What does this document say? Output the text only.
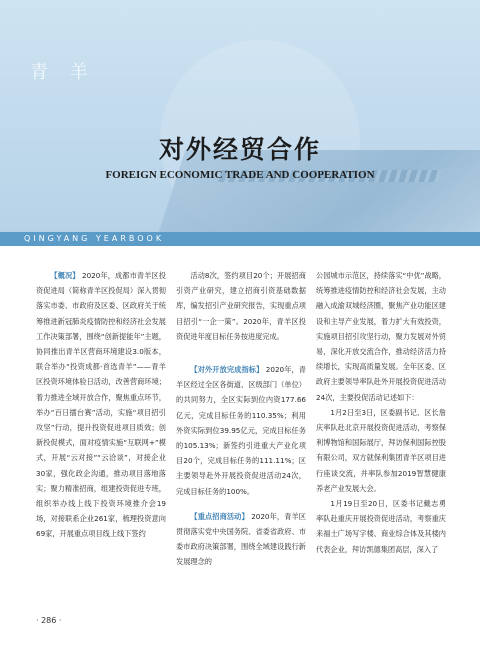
青 羊
对外经贸合作
FOREIGN ECONOMIC TRADE AND COOPERATION
QINGYANG YEARBOOK

【概况】 2020年，成都市青羊区投资促进局（简称青羊区投促局）深入贯彻落实市委、市政府及区委、区政府关于统筹推进新冠肺炎疫情防控和经济社会发展工作决策部署，围绕“创新提能年”主题，协同推出青羊区营商环境建设3.0版本，联合举办“投资成都·首选青羊”——青羊区投资环境体验日活动，改善营商环境；着力推进全域开放合作，聚焦重点环节，举办“百日擂台赛”活动，实施“项目招引攻坚”行动，提升投资促进项目质效；创新投促模式，面对疫情实施“互联网+”模式，开展“云对接”“云洽谈”，对接企业30家，强化政企沟通，推动项目落地落实；聚力精准招商，组建投资促进专班，组织举办线上线下投资环境推介会19场，对接联系企业261家，梳理投资意向69家，开展重点项目线上线下签约

活动8次，签约项目20个；开展招商引资产业研究，建立招商引资基础数据库，编发招引产业研究报告，实现重点项目招引“一企一策”。2020年，青羊区投资促进年度目标任务按进度完成。

【对外开放完成指标】 2020年，青羊区经过全区各街道、区级部门（单位）的共同努力，全区实际到位内资177.66亿元，完成目标任务的110.35%；利用外资实际到位39.95亿元，完成目标任务的105.13%；新签约引进重大产业化项目20个，完成目标任务的111.11%；区主要领导赴外开展投资促进活动24次，完成目标任务的100%。

【重点招商活动】 2020年，青羊区贯彻落实党中央国务院、省委省政府、市委市政府决策部署，围绕全域建设践行新发展理念的

公园城市示范区，持续落实“中优”战略，统筹推进疫情防控和经济社会发展，主动融入成渝双城经济圈，聚焦产业功能区建设和主导产业发展，着力扩大有效投资，实施项目招引攻坚行动，聚力发展对外贸易，深化开放交流合作，推动经济活力持续增长，实现高质量发展。全年区委、区政府主要领导率队赴外开展投资促进活动24次，主要投促活动记述如下：

1月2日至3日，区委副书记、区长詹庆率队赴北京开展投资促进活动，考察保利博物馆和国际展厅，拜访保利国际控股有限公司，双方就保利集团青羊区项目进行座谈交流，并率队参加2019智慧健康养老产业发展大会。

1月19日至20日，区委书记戴志勇率队赴重庆开展投资促进活动，考察重庆来福士广场写字楼、商业综合体及其楼内代表企业，拜访凯德集团高层，深入了

· 286 ·
